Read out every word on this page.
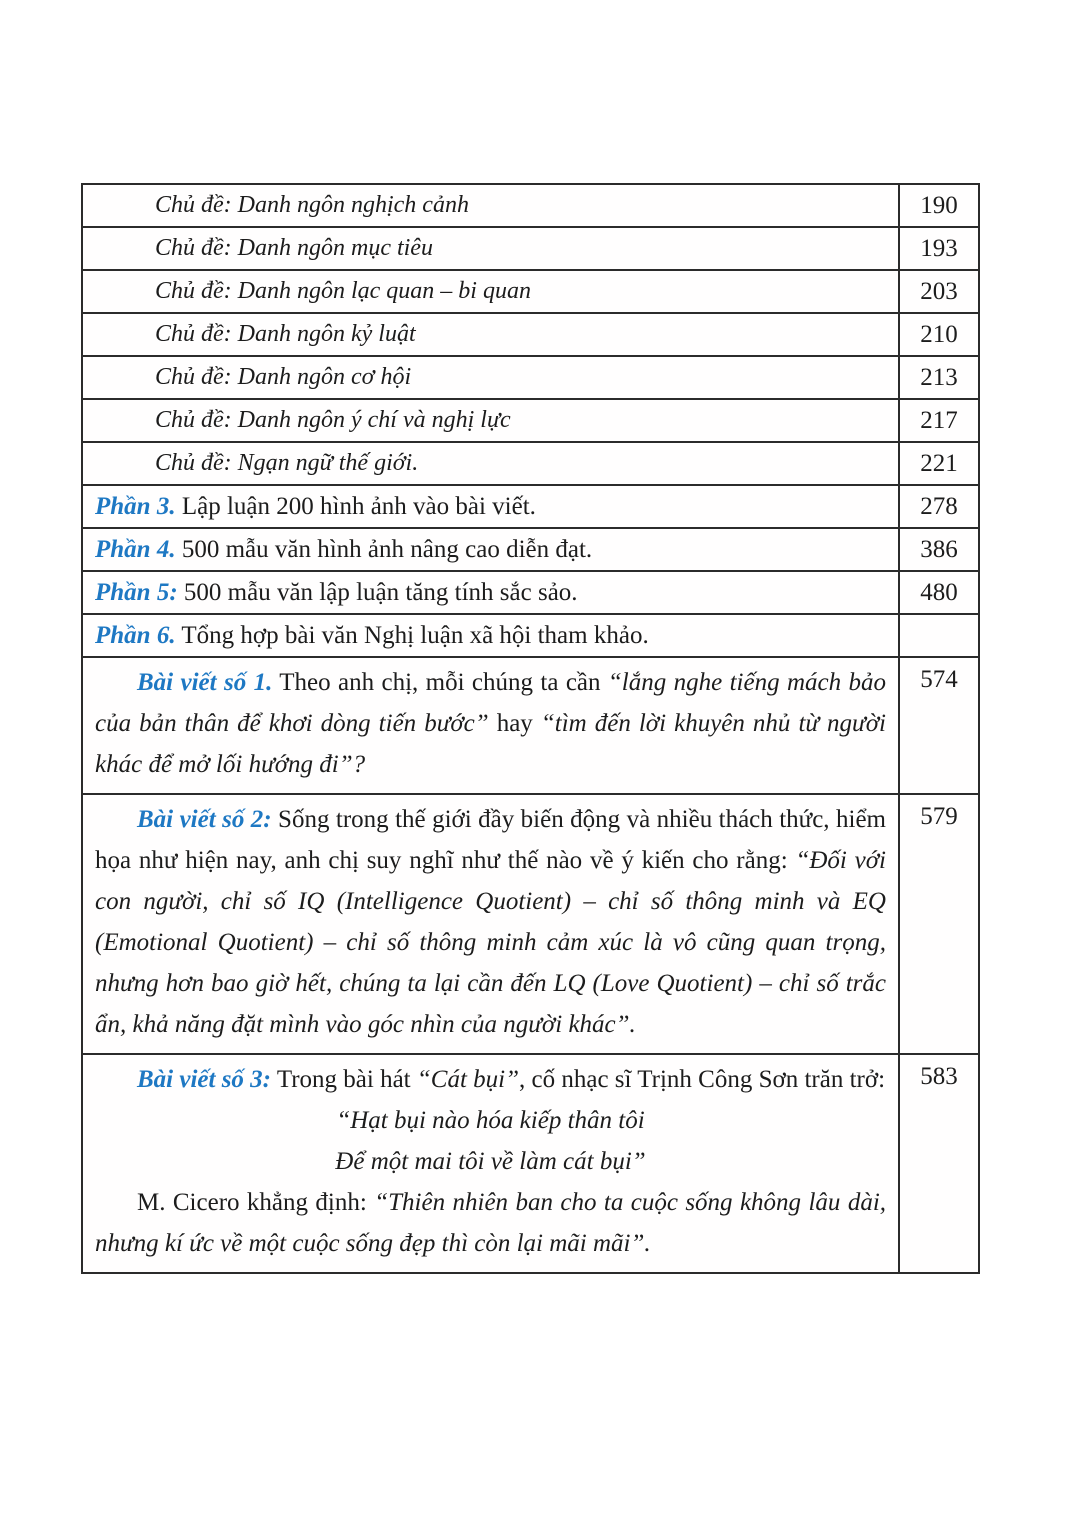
Chủ đề: Danh ngôn nghịch cảnh	190

Chủ đề: Danh ngôn mục tiêu	193

Chủ đề: Danh ngôn lạc quan – bi quan	203

Chủ đề: Danh ngôn kỷ luật	210

Chủ đề: Danh ngôn cơ hội	213

Chủ đề: Danh ngôn ý chí và nghị lực	217

Chủ đề: Ngạn ngữ thế giới.	221

Phần 3. Lập luận 200 hình ảnh vào bài viết.	278

Phần 4. 500 mẫu văn hình ảnh nâng cao diễn đạt.	386

Phần 5: 500 mẫu văn lập luận tăng tính sắc sảo.	480

Phần 6. Tổng hợp bài văn Nghị luận xã hội tham khảo.	

Bài viết số 1. Theo anh chị, mỗi chúng ta cần “lắng nghe tiếng mách bảo của bản thân để khơi dòng tiến bước” hay “tìm đến lời khuyên nhủ từ người khác để mở lối hướng đi”?	574

Bài viết số 2: Sống trong thế giới đầy biến động và nhiều thách thức, hiểm họa như hiện nay, anh chị suy nghĩ như thế nào về ý kiến cho rằng: “Đối với con người, chỉ số IQ (Intelligence Quotient) – chỉ số thông minh và EQ (Emotional Quotient) – chỉ số thông minh cảm xúc là vô cũng quan trọng, nhưng hơn bao giờ hết, chúng ta lại cần đến LQ (Love Quotient) – chỉ số trắc ẩn, khả năng đặt mình vào góc nhìn của người khác”.	579

Bài viết số 3: Trong bài hát “Cát bụi”, cố nhạc sĩ Trịnh Công Sơn trăn trở:

“Hạt bụi nào hóa kiếp thân tôi

Để một mai tôi về làm cát bụi”

M. Cicero khẳng định: “Thiên nhiên ban cho ta cuộc sống không lâu dài, nhưng kí ức về một cuộc sống đẹp thì còn lại mãi mãi”.	583
